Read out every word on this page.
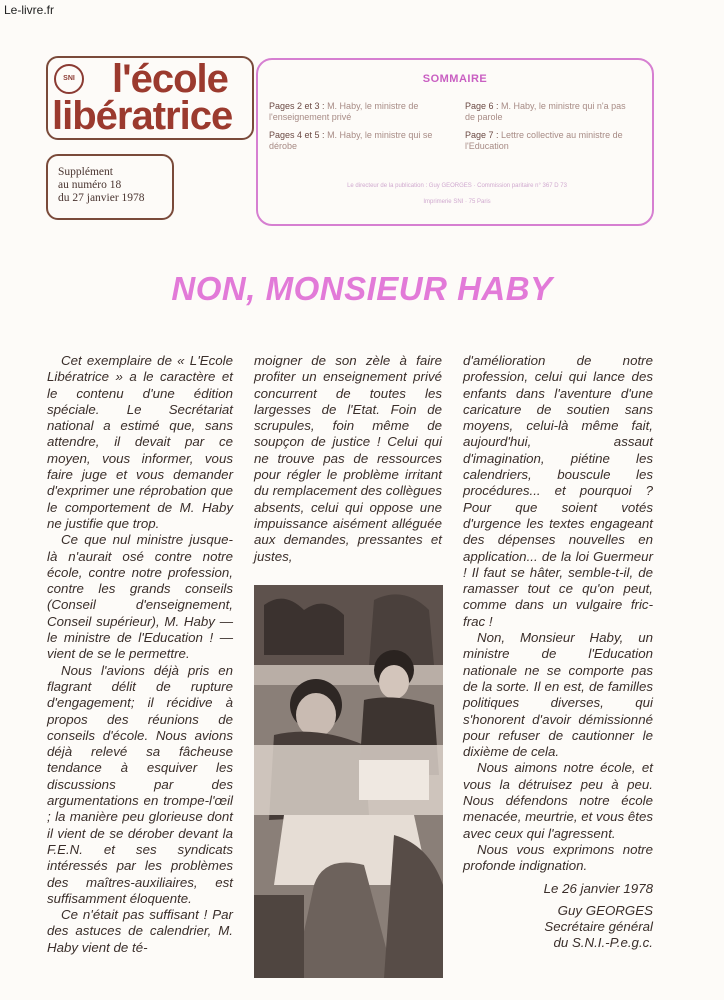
Le-livre.fr
SNI l'école
libératrice
Supplément
au numéro 18
du 27 janvier 1978
SOMMAIRE
Pages 2 et 3 : M. Haby, le ministre de l'enseignement privé
Pages 4 et 5 : M. Haby, le ministre qui se dérobe
Page 6 : M. Haby, le ministre qui n'a pas de parole
Page 7 : Lettre collective au ministre de l'Education
Le directeur de la publication : Guy GEORGES · Commission paritaire n° 367 D 73
Imprimerie SNI · 75 Paris
NON, MONSIEUR HABY

Cet exemplaire de « L'Ecole Libératrice » a le caractère et le contenu d'une édition spéciale. Le Secrétariat national a estimé que, sans attendre, il devait par ce moyen, vous informer, vous faire juge et vous demander d'exprimer une réprobation que le comportement de M. Haby ne justifie que trop.

Ce que nul ministre jusque-là n'aurait osé contre notre école, contre notre profession, contre les grands conseils (Conseil d'enseignement, Conseil supérieur), M. Haby — le ministre de l'Education ! — vient de se le permettre.

Nous l'avions déjà pris en flagrant délit de rupture d'engagement; il récidive à propos des réunions de conseils d'école. Nous avions déjà relevé sa fâcheuse tendance à esquiver les discussions par des argumentations en trompe-l'œil ; la manière peu glorieuse dont il vient de se dérober devant la F.E.N. et ses syndicats intéressés par les problèmes des maîtres-auxiliaires, est suffisamment éloquente.

Ce n'était pas suffisant ! Par des astuces de calendrier, M. Haby vient de té-

moigner de son zèle à faire profiter un enseignement privé concurrent de toutes les largesses de l'Etat. Foin de scrupules, foin même de soupçon de justice ! Celui qui ne trouve pas de ressources pour régler le problème irritant du remplacement des collègues absents, celui qui oppose une impuissance aisément alléguée aux demandes, pressantes et justes,

d'amélioration de notre profession, celui qui lance des enfants dans l'aventure d'une caricature de soutien sans moyens, celui-là même fait, aujourd'hui, assaut d'imagination, piétine les calendriers, bouscule les procédures... et pourquoi ? Pour que soient votés d'urgence les textes engageant des dépenses nouvelles en application... de la loi Guermeur ! Il faut se hâter, semble-t-il, de ramasser tout ce qu'on peut, comme dans un vulgaire fric-frac !

Non, Monsieur Haby, un ministre de l'Education nationale ne se comporte pas de la sorte. Il en est, de familles politiques diverses, qui s'honorent d'avoir démissionné pour refuser de cautionner le dixième de cela.

Nous aimons notre école, et vous la détruisez peu à peu. Nous défendons notre école menacée, meurtrie, et vous êtes avec ceux qui l'agressent.

Nous vous exprimons notre profonde indignation.

Le 26 janvier 1978

Guy GEORGES

Secrétaire général

du S.N.I.-P.e.g.c.
